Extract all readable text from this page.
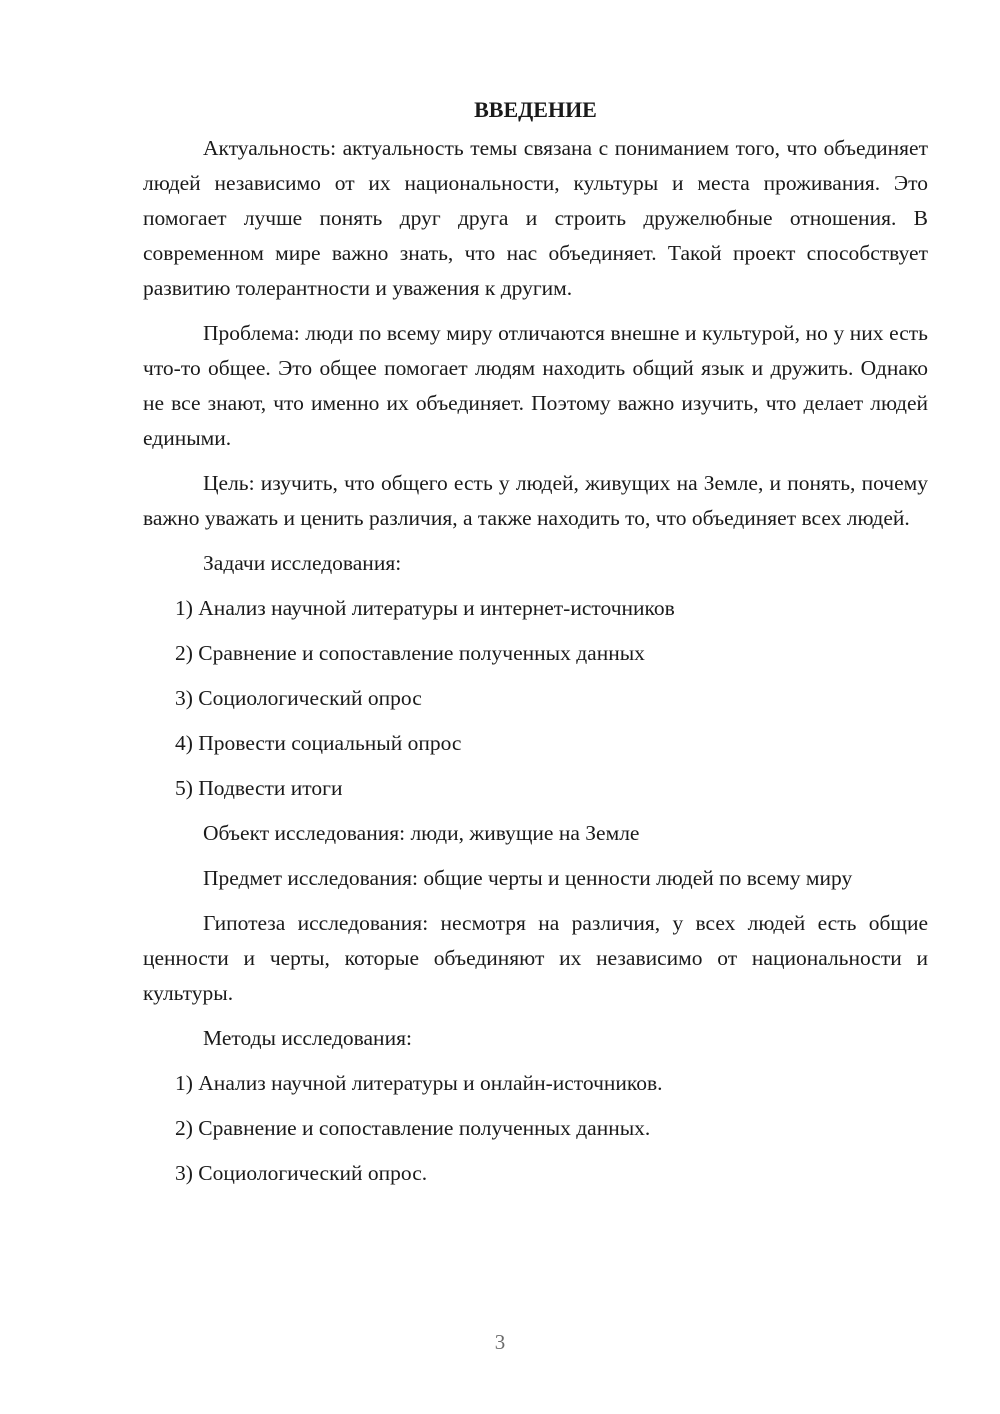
ВВЕДЕНИЕ

Актуальность: актуальность темы связана с пониманием того, что объединяет людей независимо от их национальности, культуры и места проживания. Это помогает лучше понять друг друга и строить дружелюбные отношения. В современном мире важно знать, что нас объединяет. Такой проект способствует развитию толерантности и уважения к другим.

Проблема: люди по всему миру отличаются внешне и культурой, но у них есть что-то общее. Это общее помогает людям находить общий язык и дружить. Однако не все знают, что именно их объединяет. Поэтому важно изучить, что делает людей едиными.

Цель: изучить, что общего есть у людей, живущих на Земле, и понять, почему важно уважать и ценить различия, а также находить то, что объединяет всех людей.

Задачи исследования:

1) Анализ научной литературы и интернет-источников

2) Сравнение и сопоставление полученных данных

3) Социологический опрос

4) Провести социальный опрос

5) Подвести итоги

Объект исследования: люди, живущие на Земле

Предмет исследования: общие черты и ценности людей по всему миру

Гипотеза исследования: несмотря на различия, у всех людей есть общие ценности и черты, которые объединяют их независимо от национальности и культуры.

Методы исследования:

1) Анализ научной литературы и онлайн-источников.

2) Сравнение и сопоставление полученных данных.

3) Социологический опрос.

3
